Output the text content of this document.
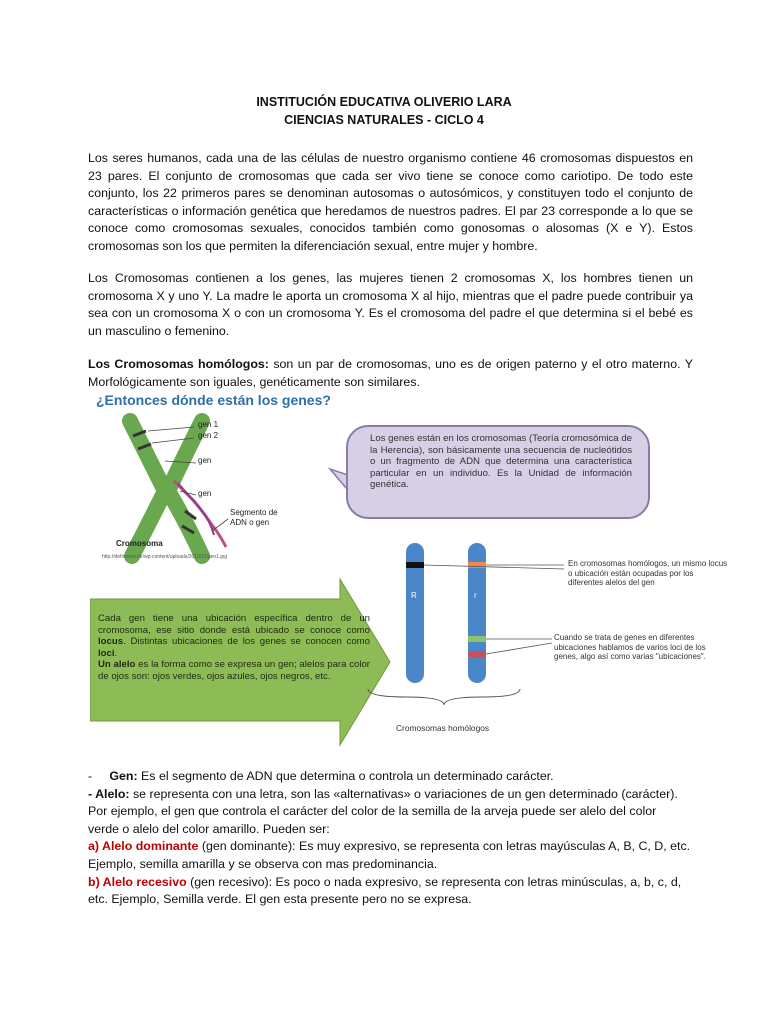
INSTITUCIÓN EDUCATIVA OLIVERIO LARA
CIENCIAS NATURALES - CICLO 4
Los seres humanos, cada una de las células de nuestro organismo contiene 46 cromosomas dispuestos en 23 pares. El conjunto de cromosomas que cada ser vivo tiene se conoce como cariotipo. De todo este conjunto, los 22 primeros pares se denominan autosomas o autosómicos, y constituyen todo el conjunto de características o información genética que heredamos de nuestros padres. El par 23 corresponde a lo que se conoce como cromosomas sexuales, conocidos también como gonosomas o alosomas (X e Y). Estos cromosomas son los que permiten la diferenciación sexual, entre mujer y hombre.
Los Cromosomas contienen a los genes, las mujeres tienen 2 cromosomas X, los hombres tienen un cromosoma X y uno Y. La madre le aporta un cromosoma X al hijo, mientras que el padre puede contribuir ya sea con un cromosoma X o con un cromosoma Y. Es el cromosoma del padre el que determina si el bebé es un masculino o femenino.
Los Cromosomas homólogos: son un par de cromosomas, uno es de origen paterno y el otro materno. Y Morfológicamente son iguales, genéticamente son similares.
¿Entonces dónde están los genes?
gen 1
gen 2
gen
gen
Segmento de
ADN o gen
Cromosoma
http://definicion.de/wp-content/uploads/2010/11/gen1.jpg
Los genes están en los cromosomas (Teoría cromosómica de la Herencia), son básicamente una secuencia de nucleótidos o un fragmento de ADN que determina una característica particular en un individuo. Es la Unidad de información genética.
Cada gen tiene una ubicación específica dentro de un cromosoma, ese sitio donde está ubicado se conoce como locus. Distintas ubicaciones de los genes se conocen como loci.
Un alelo es la forma como se expresa un gen; alelos para color de ojos son: ojos verdes, ojos azules, ojos negros, etc.
R	r
En cromosomas homólogos, un mismo locus o ubicación están ocupadas por los diferentes alelos del gen
Cuando se trata de genes en diferentes ubicaciones hablamos de varios loci de los genes, algo así como varias "ubicaciones".
Cromosomas homólogos
- Gen: Es el segmento de ADN que determina o controla un determinado carácter.
- Alelo: se representa con una letra, son las «alternativas» o variaciones de un gen determinado (carácter).
Por ejemplo, el gen que controla el carácter del color de la semilla de la arveja puede ser alelo del color
verde o alelo del color amarillo. Pueden ser:
a) Alelo dominante (gen dominante): Es muy expresivo, se representa con letras mayúsculas A, B, C, D, etc.
Ejemplo, semilla amarilla y se observa con mas predominancia.
b) Alelo recesivo (gen recesivo): Es poco o nada expresivo, se representa con letras minúsculas, a, b, c, d,
etc. Ejemplo, Semilla verde. El gen esta presente pero no se expresa.
